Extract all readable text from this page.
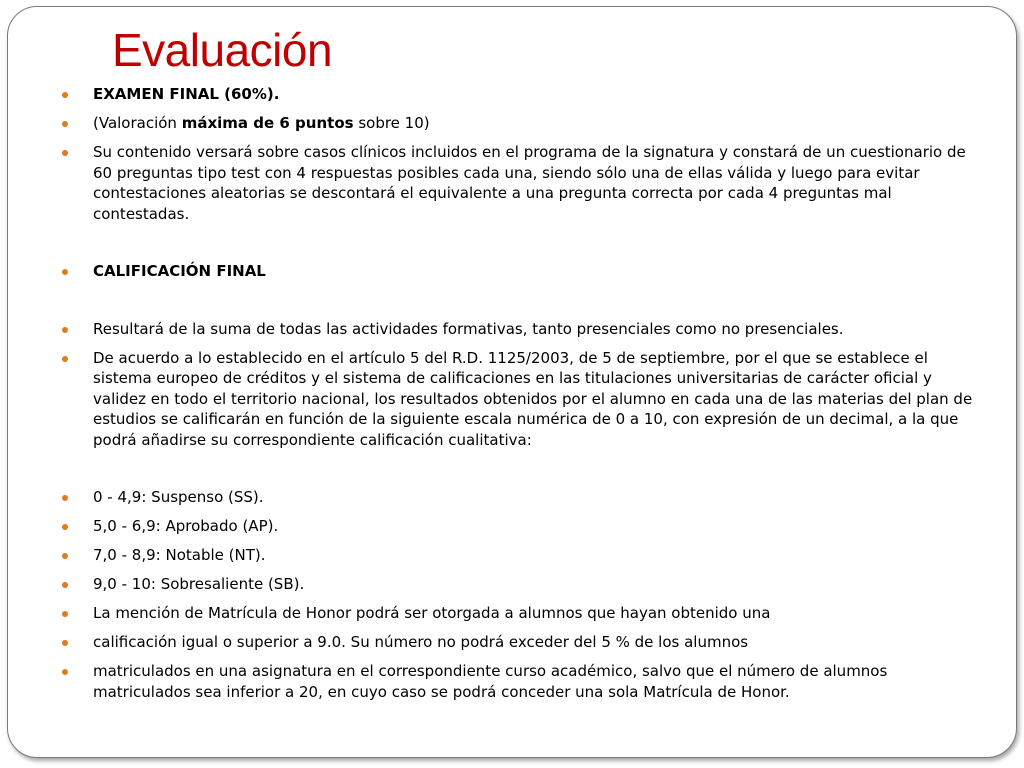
Evaluación
EXAMEN FINAL (60%).
(Valoración máxima de 6 puntos sobre 10)
Su contenido versará sobre casos clínicos incluidos en el programa de la signatura y constará de un cuestionario de 60 preguntas tipo test con 4 respuestas posibles cada una, siendo sólo una de ellas válida y luego para evitar contestaciones aleatorias se descontará el equivalente a una pregunta correcta por cada 4 preguntas mal contestadas.
CALIFICACIÓN FINAL
Resultará de la suma de todas las actividades formativas, tanto presenciales como no presenciales.
De acuerdo a lo establecido en el artículo 5 del R.D. 1125/2003, de 5 de septiembre, por el que se establece el sistema europeo de créditos y el sistema de calificaciones en las titulaciones universitarias de carácter oficial y validez en todo el territorio nacional, los resultados obtenidos por el alumno en cada una de las materias del plan de estudios se calificarán en función de la siguiente escala numérica de 0 a 10, con expresión de un decimal, a la que podrá añadirse su correspondiente calificación cualitativa:
0 - 4,9: Suspenso (SS).
5,0 - 6,9: Aprobado (AP).
7,0 - 8,9: Notable (NT).
9,0 - 10: Sobresaliente (SB).
La mención de Matrícula de Honor podrá ser otorgada a alumnos que hayan obtenido una
calificación igual o superior a 9.0. Su número no podrá exceder del 5 % de los alumnos
matriculados en una asignatura en el correspondiente curso académico, salvo que el número de alumnos matriculados sea inferior a 20, en cuyo caso se podrá conceder una sola Matrícula de Honor.
